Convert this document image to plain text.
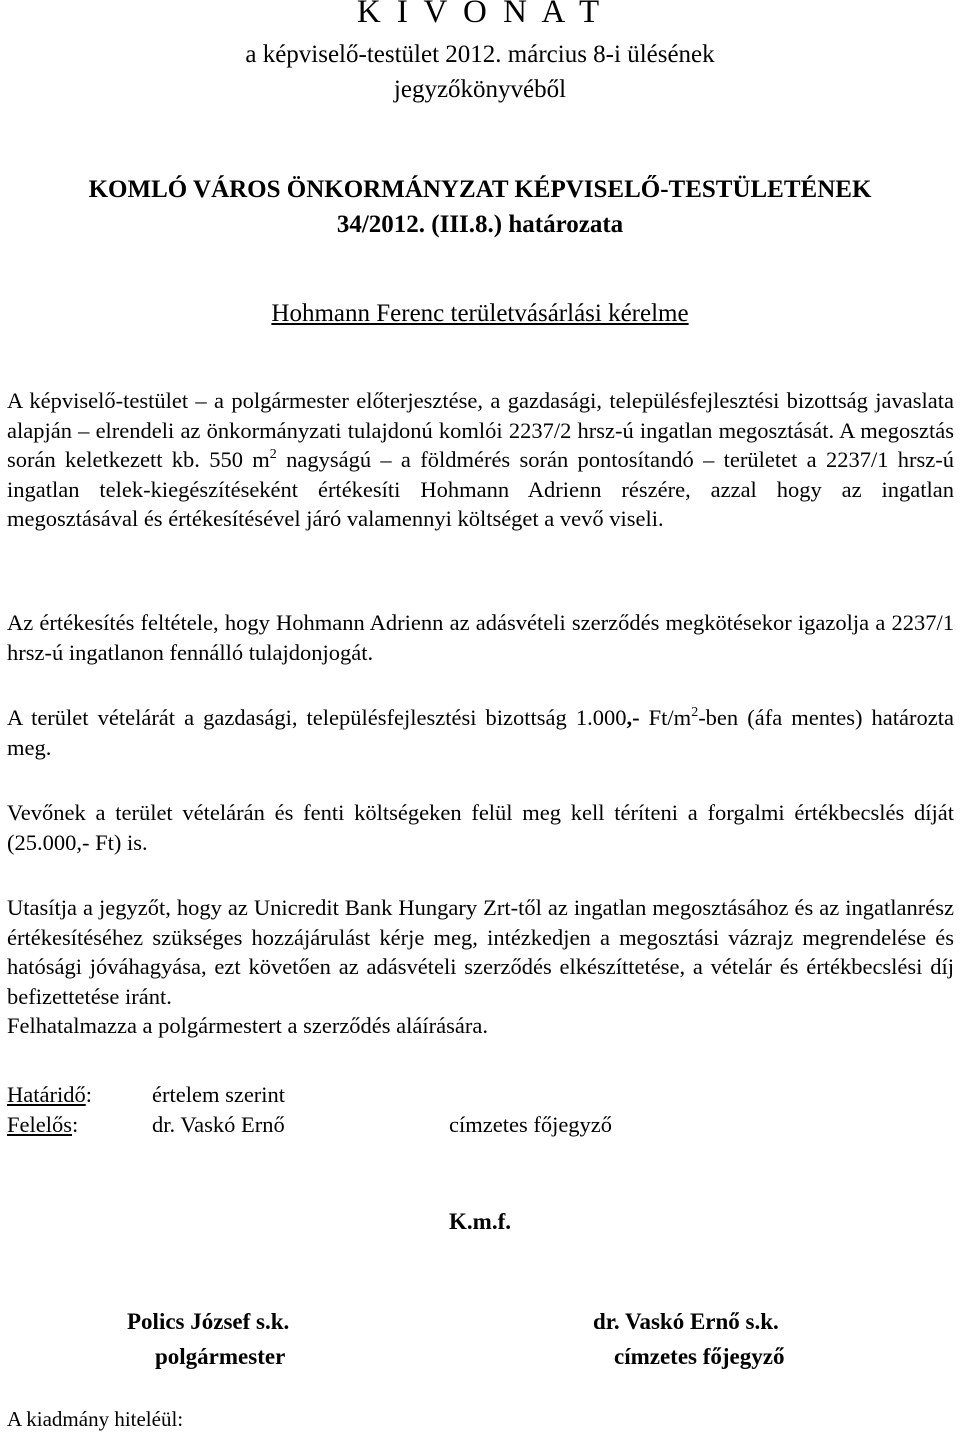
K I V O N A T
a képviselő-testület 2012. március 8-i ülésének
jegyzőkönyvéből
KOMLÓ VÁROS ÖNKORMÁNYZAT KÉPVISELŐ-TESTÜLETÉNEK
34/2012. (III.8.) határozata
Hohmann Ferenc területvásárlási kérelme
A képviselő-testület – a polgármester előterjesztése, a gazdasági, településfejlesztési bizottság javaslata alapján – elrendeli az önkormányzati tulajdonú komlói 2237/2 hrsz-ú ingatlan megosztását. A megosztás során keletkezett kb. 550 $m^2$ nagyságú – a földmérés során pontosítandó – területet a 2237/1 hrsz-ú ingatlan telek-kiegészítéseként értékesíti Hohmann Adrienn részére, azzal hogy az ingatlan megosztásával és értékesítésével járó valamennyi költséget a vevő viseli.
Az értékesítés feltétele, hogy Hohmann Adrienn az adásvételi szerződés megkötésekor igazolja a 2237/1 hrsz-ú ingatlanon fennálló tulajdonjogát.
A terület vételárát a gazdasági, településfejlesztési bizottság 1.000,- $Ft/m^2$-ben (áfa mentes) határozta meg.
Vevőnek a terület vételárán és fenti költségeken felül meg kell téríteni a forgalmi értékbecslés díját (25.000,- Ft) is.
Utasítja a jegyzőt, hogy az Unicredit Bank Hungary Zrt-től az ingatlan megosztásához és az ingatlanrész értékesítéséhez szükséges hozzájárulást kérje meg, intézkedjen a megosztási vázrajz megrendelése és hatósági jóváhagyása, ezt követően az adásvételi szerződés elkészíttetése, a vételár és értékbecslési díj befizettetése iránt.
Felhatalmazza a polgármestert a szerződés aláírására.
Határidő:	értelem szerint
Felelős:	dr. Vaskó Ernő	címzetes főjegyző
K.m.f.
Polics József s.k.
polgármester
dr. Vaskó Ernő s.k.
címzetes főjegyző
A kiadmány hiteléül:
